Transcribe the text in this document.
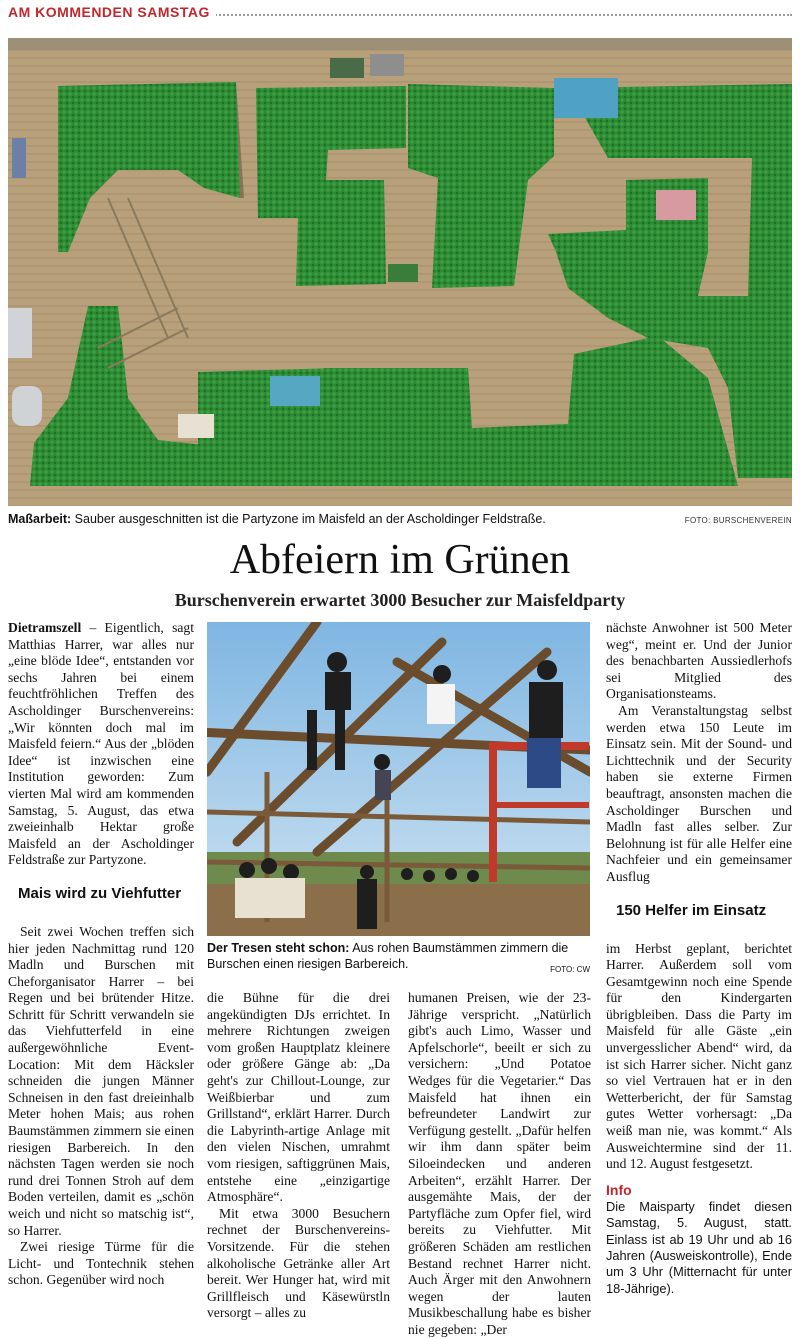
AM KOMMENDEN SAMSTAG
Maßarbeit: Sauber ausgeschnitten ist die Partyzone im Maisfeld an der Ascholdinger Feldstraße.	FOTO: BURSCHENVEREIN
Abfeiern im Grünen
Burschenverein erwartet 3000 Besucher zur Maisfeldparty

Dietramszell – Eigentlich, sagt Matthias Harrer, war alles nur „eine blöde Idee“, entstanden vor sechs Jahren bei einem feuchtfröhlichen Treffen des Ascholdinger Burschenvereins: „Wir könnten doch mal im Maisfeld feiern.“ Aus der „blöden Idee“ ist inzwischen eine Institution geworden: Zum vierten Mal wird am kommenden Samstag, 5. August, das etwa zweieinhalb Hektar große Maisfeld an der Ascholdinger Feldstraße zur Partyzone.

Mais wird zu Viehfutter

Seit zwei Wochen treffen sich hier jeden Nachmittag rund 120 Madln und Burschen mit Cheforganisator Harrer – bei Regen und bei brütender Hitze. Schritt für Schritt verwandeln sie das Viehfutterfeld in eine außergewöhnliche Event-Location: Mit dem Häcksler schneiden die jungen Männer Schneisen in den fast dreieinhalb Meter hohen Mais; aus rohen Baumstämmen zimmern sie einen riesigen Barbereich. In den nächsten Tagen werden sie noch rund drei Tonnen Stroh auf dem Boden verteilen, damit es „schön weich und nicht so matschig ist“, so Harrer.

Zwei riesige Türme für die Licht- und Tontechnik stehen schon. Gegenüber wird noch

Der Tresen steht schon: Aus rohen Baumstämmen zimmern die Burschen einen riesigen Barbereich.	FOTO: CW

die Bühne für die drei angekündigten DJs errichtet. In mehrere Richtungen zweigen vom großen Hauptplatz kleinere oder größere Gänge ab: „Da geht's zur Chillout-Lounge, zur Weißbierbar und zum Grillstand“, erklärt Harrer. Durch die Labyrinth-artige Anlage mit den vielen Nischen, umrahmt vom riesigen, saftiggrünen Mais, entstehe eine „einzigartige Atmosphäre“.

Mit etwa 3000 Besuchern rechnet der Burschenvereins-Vorsitzende. Für die stehen alkoholische Getränke aller Art bereit. Wer Hunger hat, wird mit Grillfleisch und Käsewürstln versorgt – alles zu

humanen Preisen, wie der 23-Jährige verspricht. „Natürlich gibt's auch Limo, Wasser und Apfelschorle“, beeilt er sich zu versichern: „Und Potatoe Wedges für die Vegetarier.“ Das Maisfeld hat ihnen ein befreundeter Landwirt zur Verfügung gestellt. „Dafür helfen wir ihm dann später beim Siloeindecken und anderen Arbeiten“, erzählt Harrer. Der ausgemähte Mais, der der Partyfläche zum Opfer fiel, wird bereits zu Viehfutter. Mit größeren Schäden am restlichen Bestand rechnet Harrer nicht. Auch Ärger mit den Anwohnern wegen der lauten Musikbeschallung habe es bisher nie gegeben: „Der

nächste Anwohner ist 500 Meter weg“, meint er. Und der Junior des benachbarten Aussiedlerhofs sei Mitglied des Organisationsteams.

Am Veranstaltungstag selbst werden etwa 150 Leute im Einsatz sein. Mit der Sound- und Lichttechnik und der Security haben sie externe Firmen beauftragt, ansonsten machen die Ascholdinger Burschen und Madln fast alles selber. Zur Belohnung ist für alle Helfer eine Nachfeier und ein gemeinsamer Ausflug

150 Helfer im Einsatz

im Herbst geplant, berichtet Harrer. Außerdem soll vom Gesamtgewinn noch eine Spende für den Kindergarten übrigbleiben. Dass die Party im Maisfeld für alle Gäste „ein unvergesslicher Abend“ wird, da ist sich Harrer sicher. Nicht ganz so viel Vertrauen hat er in den Wetterbericht, der für Samstag gutes Wetter vorhersagt: „Da weiß man nie, was kommt.“ Als Ausweichtermine sind der 11. und 12. August festgesetzt.

Info
Die Maisparty findet diesen Samstag, 5. August, statt. Einlass ist ab 19 Uhr und ab 16 Jahren (Ausweiskontrolle), Ende um 3 Uhr (Mitternacht für unter 18-Jährige).
